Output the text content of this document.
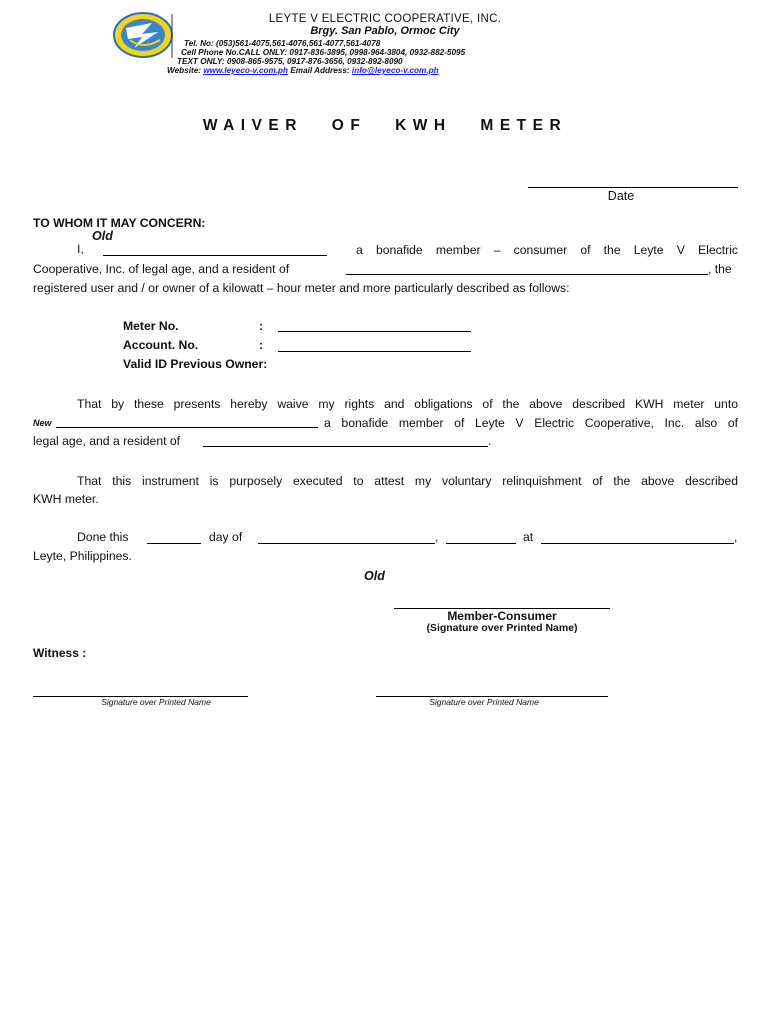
LEYTE V ELECTRIC COOPERATIVE, INC.
Brgy. San Pablo, Ormoc City
Tel. No: (053)561-4075,561-4076,561-4077,561-4078
Cell Phone No.CALL ONLY: 0917-836-3895, 0998-964-3804, 0932-882-5095
TEXT ONLY: 0908-865-9575, 0917-876-3656, 0932-892-8090
Website: www.leyeco-v.com.ph Email Address: info@leyeco-v.com.ph
WAIVER OF KWH METER
Date
TO WHOM IT MAY CONCERN:
Old
I,	a bonafide member – consumer of the Leyte V Electric
Cooperative, Inc. of legal age, and a resident of	, the
registered user and / or owner of a kilowatt – hour meter and more particularly described as follows:
Meter No.	:
Account. No.	:
Valid ID Previous Owner:
That by these presents hereby waive my rights and obligations of the above described KWH meter unto
New	a bonafide member of Leyte V Electric Cooperative, Inc. also of
legal age, and a resident of	.
That this instrument is purposely executed to attest my voluntary relinquishment of the above described
KWH meter.
Done this	day of	,	at	,
Leyte, Philippines.
Old
Member-Consumer
(Signature over Printed Name)
Witness :
Signature over Printed Name	Signature over Printed Name
